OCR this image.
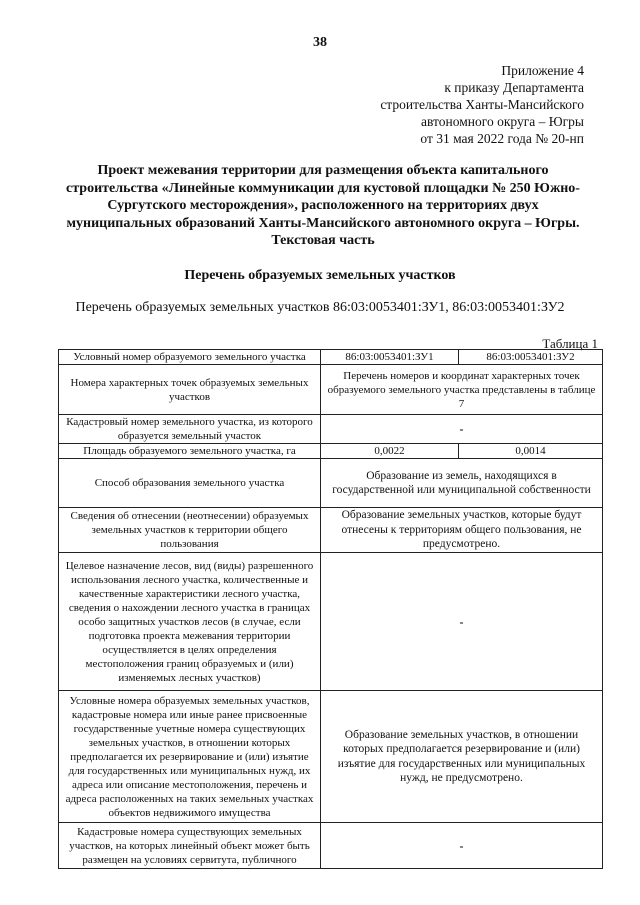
38
Приложение 4
к приказу Департамента
строительства Ханты-Мансийского
автономного округа – Югры
от 31 мая 2022 года № 20-нп
Проект межевания территории для размещения объекта капитального строительства «Линейные коммуникации для кустовой площадки № 250 Южно-Сургутского месторождения», расположенного на территориях двух муниципальных образований Ханты-Мансийского автономного округа – Югры. Текстовая часть
Перечень образуемых земельных участков
Перечень образуемых земельных участков 86:03:0053401:ЗУ1, 86:03:0053401:ЗУ2
Таблица 1
Условный номер образуемого земельного участка	86:03:0053401:ЗУ1	86:03:0053401:ЗУ2
Номера характерных точек образуемых земельных участков	Перечень номеров и координат характерных точек образуемого земельного участка представлены в таблице 7	
Кадастровый номер земельного участка, из которого образуется земельный участок	-	
Площадь образуемого земельного участка, га	0,0022	0,0014
Способ образования земельного участка	Образование из земель, находящихся в государственной или муниципальной собственности	
Сведения об отнесении (неотнесении) образуемых земельных участков к территории общего пользования	Образование земельных участков, которые будут отнесены к территориям общего пользования, не предусмотрено.	
Целевое назначение лесов, вид (виды) разрешенного использования лесного участка, количественные и качественные характеристики лесного участка, сведения о нахождении лесного участка в границах особо защитных участков лесов (в случае, если подготовка проекта межевания территории осуществляется в целях определения местоположения границ образуемых и (или) изменяемых лесных участков)	-	
Условные номера образуемых земельных участков, кадастровые номера или иные ранее присвоенные государственные учетные номера существующих земельных участков, в отношении которых предполагается их резервирование и (или) изъятие для государственных или муниципальных нужд, их адреса или описание местоположения, перечень и адреса расположенных на таких земельных участках объектов недвижимого имущества	Образование земельных участков, в отношении которых предполагается резервирование и (или) изъятие для государственных или муниципальных нужд, не предусмотрено.	
Кадастровые номера существующих земельных участков, на которых линейный объект может быть размещен на условиях сервитута, публичного	-	
